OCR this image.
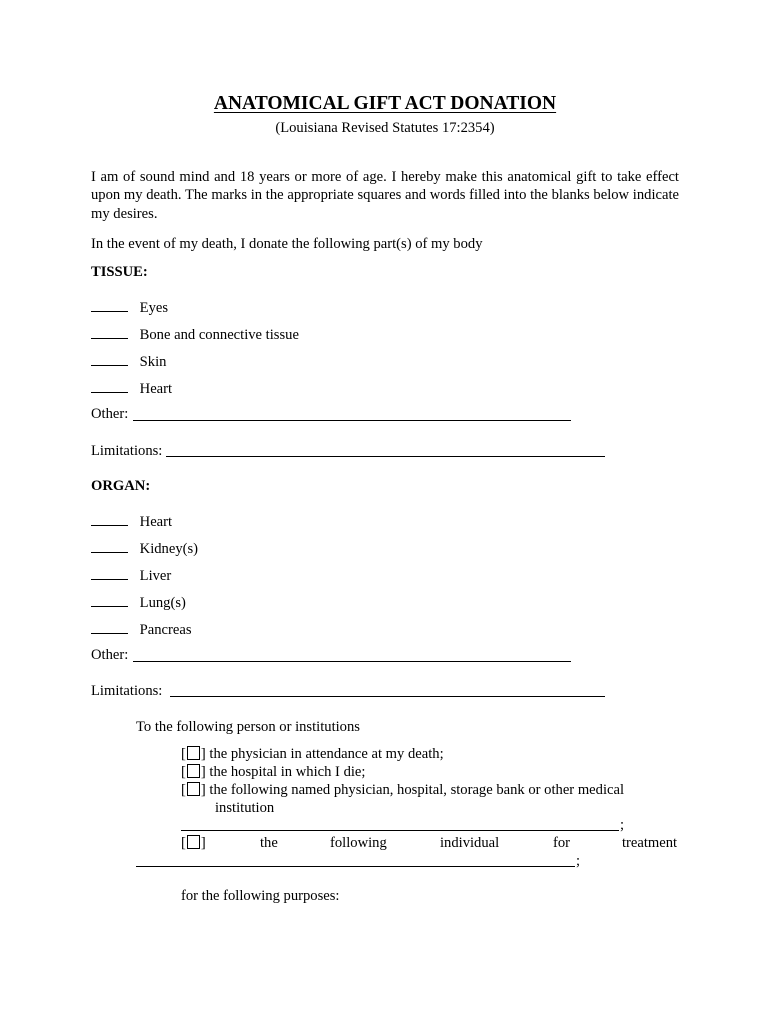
ANATOMICAL GIFT ACT DONATION
(Louisiana Revised Statutes 17:2354)
I am of sound mind and 18 years or more of age. I hereby make this anatomical gift to take effect upon my death. The marks in the appropriate squares and words filled into the blanks below indicate my desires.
In the event of my death, I donate the following part(s) of my body
TISSUE:
Eyes
Bone and connective tissue
Skin
Heart
Other:
Limitations:
ORGAN:
Heart
Kidney(s)
Liver
Lung(s)
Pancreas
Other:
Limitations:
To the following person or institutions
[ ] the physician in attendance at my death;
[ ] the hospital in which I die;
[ ] the following named physician, hospital, storage bank or other medical
institution
;
[ ]	the	following	individual	for	treatment
;
for the following purposes:
